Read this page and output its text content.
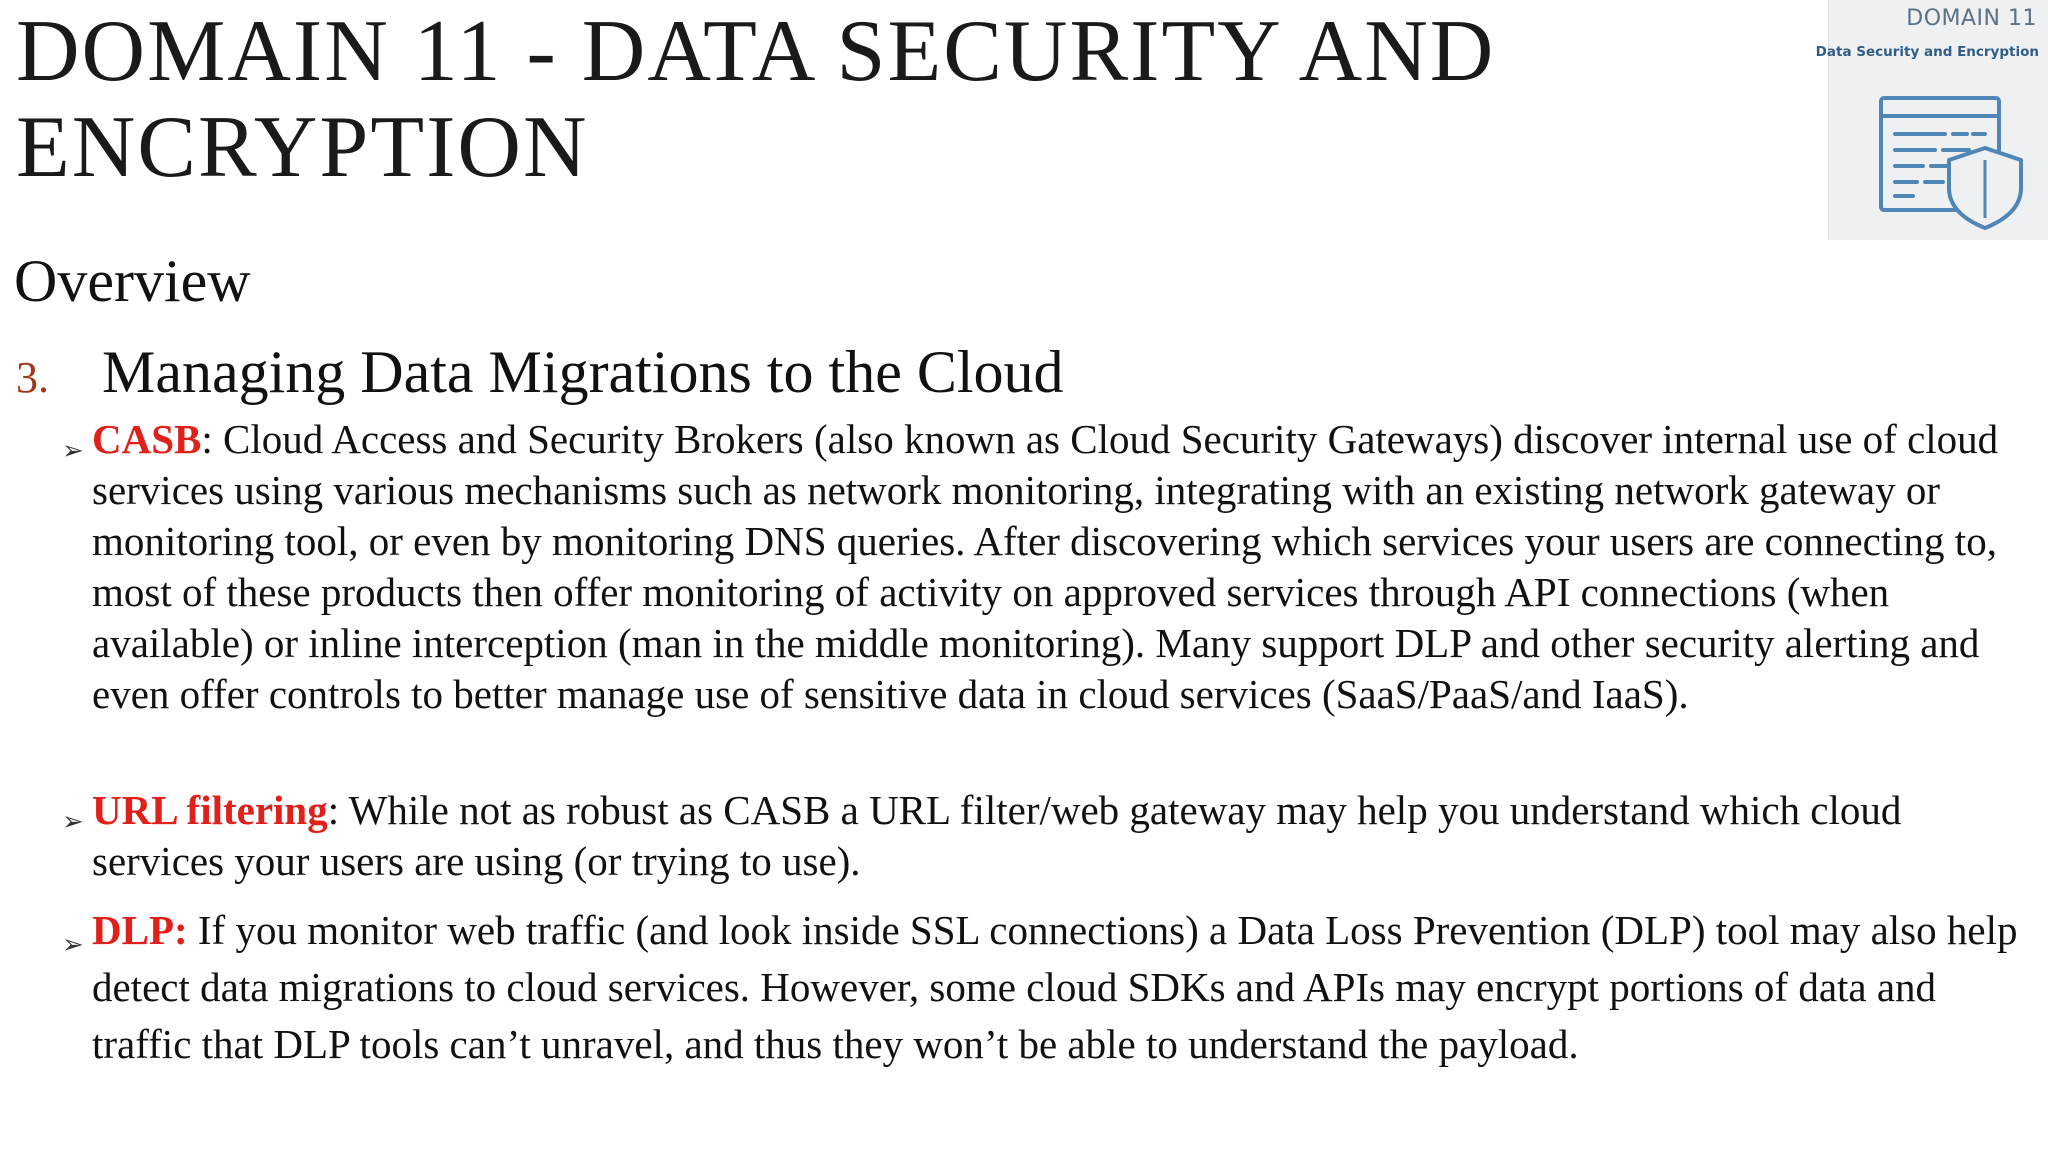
DOMAIN 11 - DATA SECURITY AND ENCRYPTION
DOMAIN 11
Data Security and Encryption
Overview
3. Managing Data Migrations to the Cloud
➢ CASB: Cloud Access and Security Brokers (also known as Cloud Security Gateways) discover internal use of cloud services using various mechanisms such as network monitoring, integrating with an existing network gateway or monitoring tool, or even by monitoring DNS queries. After discovering which services your users are connecting to, most of these products then offer monitoring of activity on approved services through API connections (when available) or inline interception (man in the middle monitoring). Many support DLP and other security alerting and even offer controls to better manage use of sensitive data in cloud services (SaaS/PaaS/and IaaS).
➢ URL filtering: While not as robust as CASB a URL filter/web gateway may help you understand which cloud services your users are using (or trying to use).
➢ DLP: If you monitor web traffic (and look inside SSL connections) a Data Loss Prevention (DLP) tool may also help detect data migrations to cloud services. However, some cloud SDKs and APIs may encrypt portions of data and traffic that DLP tools can’t unravel, and thus they won’t be able to understand the payload.
